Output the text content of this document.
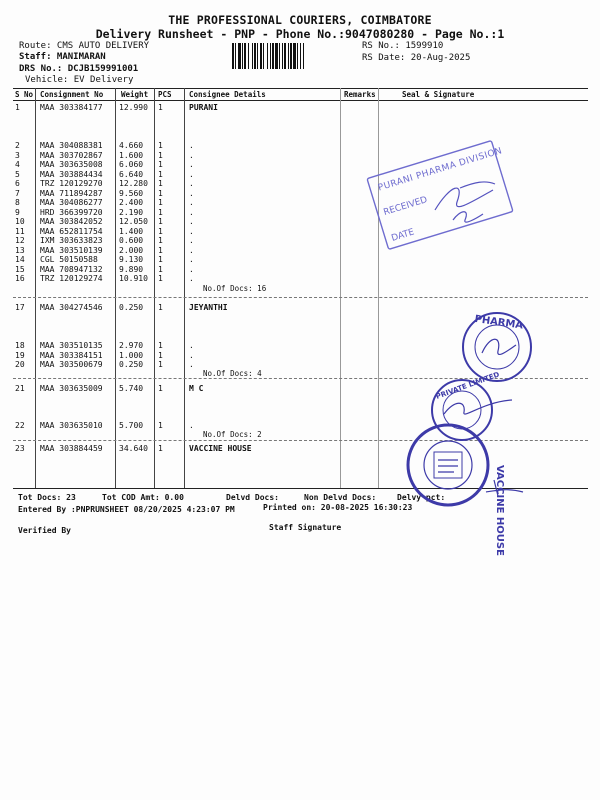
THE PROFESSIONAL COURIERS, COIMBATORE
Delivery Runsheet - PNP - Phone No.:9047080280 - Page No.:1
Route: CMS AUTO DELIVERY
Staff: MANIMARAN
DRS No.: DCJB159991001
Vehicle: EV Delivery
RS No.: 1599910
RS Date: 20-Aug-2025
S No Consignment No Weight PCS Consignee Details	Remarks	Seal & Signature
1	MAA 303384177 12.990 1	PURANI
2	MAA 304088381 4.660 1	.
3	MAA 303702867 1.600 1	.
4	MAA 303635008 6.060 1	.
5	MAA 303884434 6.640 1	.
6	TRZ 120129270 12.280 1	.
7	MAA 711894287 9.560 1	.
8	MAA 304086277 2.400 1	.
9	HRD 366399720 2.190 1	.
10 MAA 303842052 12.050 1	.
11 MAA 652811754 1.400 1	.
12 IXM 303633823 0.600 1	.
13 MAA 303510139 2.000 1	.
14 CGL 50150588	9.130 1	.
15 MAA 708947132 9.890 1	.
16 TRZ 120129274 10.910 1	.
No.Of Docs: 16
17 MAA 304274546 0.250 1	JEYANTHI
18 MAA 303510135 2.970 1	.
19 MAA 303384151 1.000 1	.
20 MAA 303500679 0.250 1	.
No.Of Docs: 4
21 MAA 303635009 5.740 1	M C
22 MAA 303635010 5.700 1	.
No.Of Docs: 2
23 MAA 303884459 34.640 1	VACCINE HOUSE
Tot Docs: 23	Tot COD Amt: 0.00	Delvd Docs:	Non Delvd Docs:	Delvy pct:
Entered By :PNPRUNSHEET 08/20/2025 4:23:07 PM	Printed on: 20-08-2025 16:30:23
Verified By	Staff Signature
PURANI PHARMA DIVISION
RECEIVED
DATE
PHARMA
PRIVATE LIMITED
VACCINE HOUSE
